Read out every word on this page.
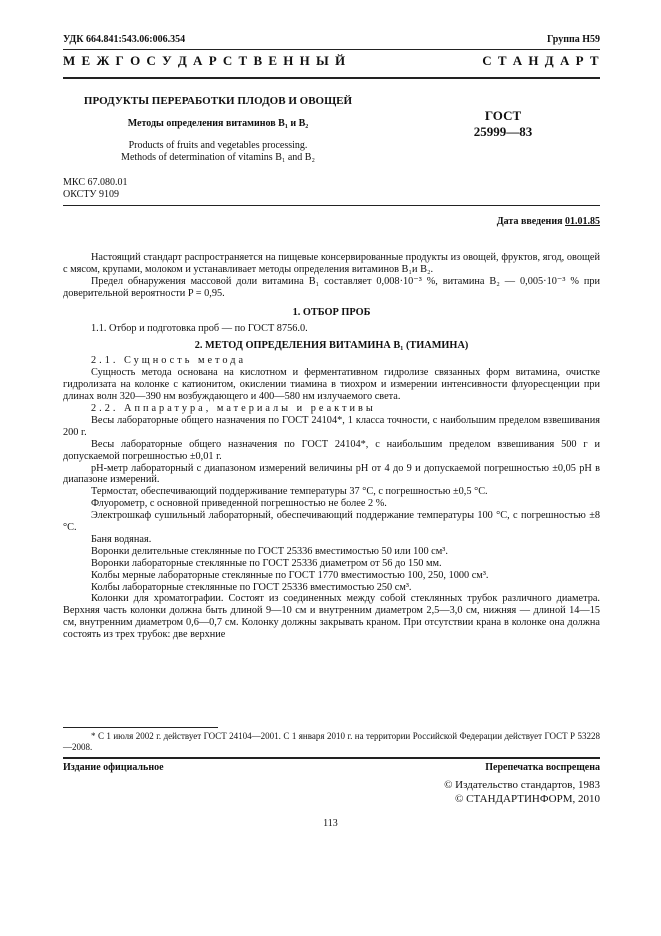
УДК 664.841:543.06:006.354	Группа Н59
М Е Ж Г О С У Д А Р С Т В Е Н Н Ы Й	С Т А Н Д А Р Т
ПРОДУКТЫ ПЕРЕРАБОТКИ ПЛОДОВ И ОВОЩЕЙ
Методы определения витаминов B₁ и B₂
Products of fruits and vegetables processing.
Methods of determination of vitamins B₁ and B₂
ГОСТ
25999—83
МКС 67.080.01
ОКСТУ 9109
Дата введения 01.01.85

Настоящий стандарт распространяется на пищевые консервированные продукты из овощей, фруктов, ягод, овощей с мясом, крупами, молоком и устанавливает методы определения витаминов B₁и B₂.

Предел обнаружения массовой доли витамина B₁ составляет 0,008·10⁻³ %, витамина B₂ — 0,005·10⁻³ % при доверительной вероятности P = 0,95.

1. ОТБОР ПРОБ

1.1. Отбор и подготовка проб — по ГОСТ 8756.0.

2. МЕТОД ОПРЕДЕЛЕНИЯ ВИТАМИНА B₁ (ТИАМИНА)

2.1. Сущность метода

Сущность метода основана на кислотном и ферментативном гидролизе связанных форм витамина, очистке гидролизата на колонке с катионитом, окислении тиамина в тиохром и измерении интенсивности флуоресценции при длинах волн 320—390 нм возбуждающего и 400—580 нм излучаемого света.

2.2. Аппаратура, материалы и реактивы

Весы лабораторные общего назначения по ГОСТ 24104*, 1 класса точности, с наибольшим пределом взвешивания 200 г.

Весы лабораторные общего назначения по ГОСТ 24104*, с наибольшим пределом взвешивания 500 г и допускаемой погрешностью ±0,01 г.

pH-метр лабораторный с диапазоном измерений величины pH от 4 до 9 и допускаемой погрешностью ±0,05 pH в диапазоне измерений.

Термостат, обеспечивающий поддерживание температуры 37 °С, с погрешностью ±0,5 °С.

Флуорометр, с основной приведенной погрешностью не более 2 %.

Электрошкаф сушильный лабораторный, обеспечивающий поддержание температуры 100 °С, с погрешностью ±8 °С.

Баня водяная.

Воронки делительные стеклянные по ГОСТ 25336 вместимостью 50 или 100 см³.

Воронки лабораторные стеклянные по ГОСТ 25336 диаметром от 56 до 150 мм.

Колбы мерные лабораторные стеклянные по ГОСТ 1770 вместимостью 100, 250, 1000 см³.

Колбы лабораторные стеклянные по ГОСТ 25336 вместимостью 250 см³.

Колонки для хроматографии. Состоят из соединенных между собой стеклянных трубок различного диаметра. Верхняя часть колонки должна быть длиной 9—10 см и внутренним диаметром 2,5—3,0 см, нижняя — длиной 14—15 см, внутренним диаметром 0,6—0,7 см. Колонку должны закрывать краном. При отсутствии крана в колонке она должна состоять из трех трубок: две верхние

* С 1 июля 2002 г. действует ГОСТ 24104—2001. С 1 января 2010 г. на территории Российской Федерации действует ГОСТ Р 53228—2008.
Издание официальное	Перепечатка воспрещена
© Издательство стандартов, 1983
© СТАНДАРТИНФОРМ, 2010
113
